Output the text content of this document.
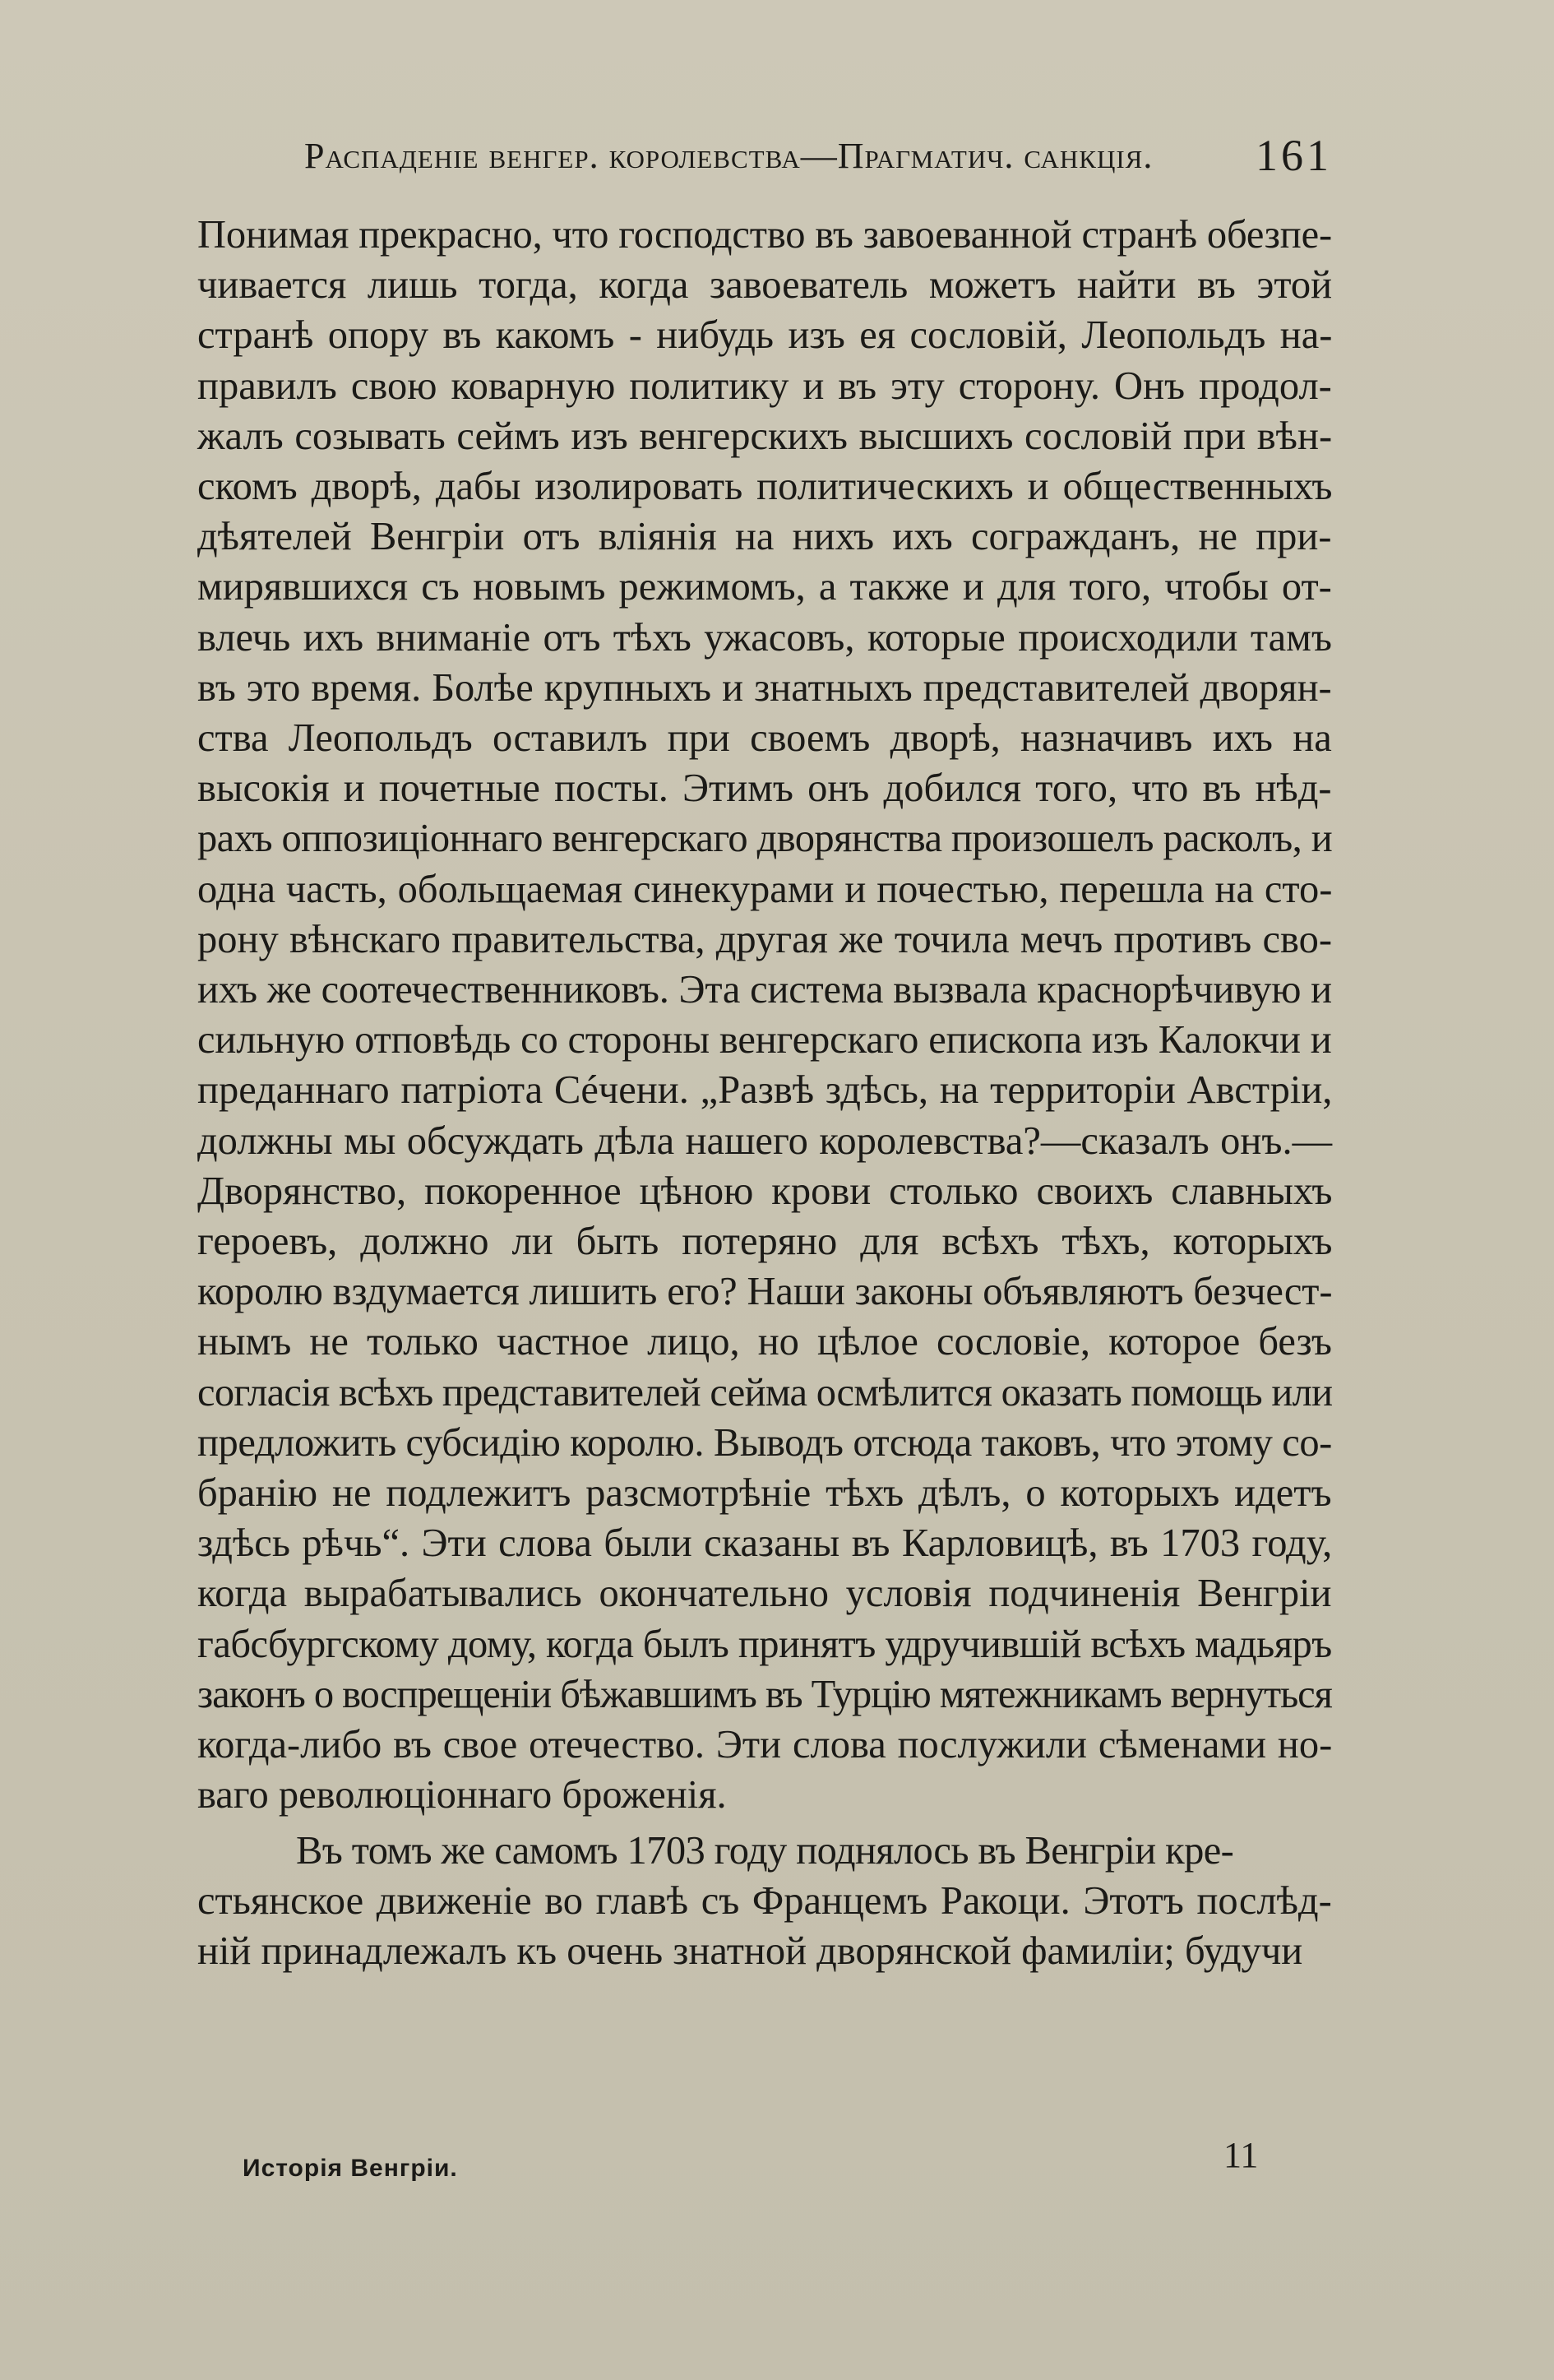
Распаденіе венгер. королевства—Прагматич. санкція. 161

Понимая прекрасно, что господство въ завоеванной странѣ обезпе-
чивается лишь тогда, когда завоеватель можетъ найти въ этой
странѣ опору въ какомъ - нибудь изъ ея сословій, Леопольдъ на-
правилъ свою коварную политику и въ эту сторону. Онъ продол-
жалъ созывать сеймъ изъ венгерскихъ высшихъ сословій при вѣн-
скомъ дворѣ, дабы изолировать политическихъ и общественныхъ
дѣятелей Венгріи отъ вліянія на нихъ ихъ согражданъ, не при-
мирявшихся съ новымъ режимомъ, а также и для того, чтобы от-
влечь ихъ вниманіе отъ тѣхъ ужасовъ, которые происходили тамъ
въ это время. Болѣе крупныхъ и знатныхъ представителей дворян-
ства Леопольдъ оставилъ при своемъ дворѣ, назначивъ ихъ на
высокія и почетные посты. Этимъ онъ добился того, что въ нѣд-
рахъ оппозиціоннаго венгерскаго дворянства произошелъ расколъ, и
одна часть, обольщаемая синекурами и почестью, перешла на сто-
рону вѣнскаго правительства, другая же точила мечъ противъ сво-
ихъ же соотечественниковъ. Эта система вызвала краснорѣчивую и
сильную отповѣдь со стороны венгерскаго епископа изъ Калокчи и
преданнаго патріота Сéчени. „Развѣ здѣсь, на территоріи Австріи,
должны мы обсуждать дѣла нашего королевства?—сказалъ онъ.—
Дворянство, покоренное цѣною крови столько своихъ славныхъ
героевъ, должно ли быть потеряно для всѣхъ тѣхъ, которыхъ
королю вздумается лишить его? Наши законы объявляютъ безчест-
нымъ не только частное лицо, но цѣлое сословіе, которое безъ
согласія всѣхъ представителей сейма осмѣлится оказать помощь или
предложить субсидію королю. Выводъ отсюда таковъ, что этому со-
бранію не подлежитъ разсмотрѣніе тѣхъ дѣлъ, о которыхъ идетъ
здѣсь рѣчь“. Эти слова были сказаны въ Карловицѣ, въ 1703 году,
когда вырабатывались окончательно условія подчиненія Венгріи
габсбургскому дому, когда былъ принятъ удручившій всѣхъ мадьяръ
законъ о воспрещеніи бѣжавшимъ въ Турцію мятежникамъ вернуться
когда-либо въ свое отечество. Эти слова послужили сѣменами но-
ваго революціоннаго броженія.

Въ томъ же самомъ 1703 году поднялось въ Венгріи кре-
стьянское движеніе во главѣ съ Францемъ Ракоци. Этотъ послѣд-
ній принадлежалъ къ очень знатной дворянской фамиліи; будучи

Исторія Венгріи.	11
